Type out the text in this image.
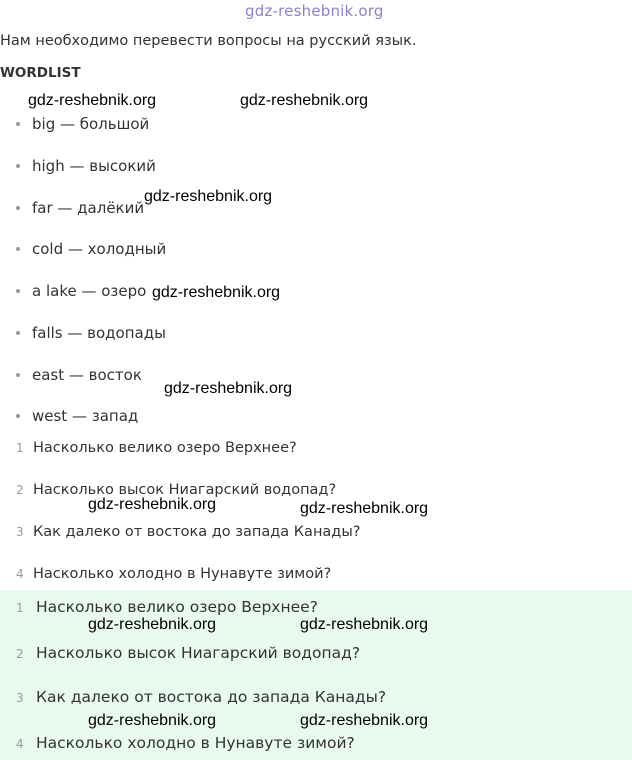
gdz-reshebnik.org
Нам необходимо перевести вопросы на русский язык.
WORDLIST
big — большой
high — высокий
far — далёкий
cold — холодный
a lake — озеро
falls — водопады
east — восток
west — запад
1 Насколько велико озеро Верхнее?
2 Насколько высок Ниагарский водопад?
3 Как далеко от востока до запада Канады?
4 Насколько холодно в Нунавуте зимой?
1 Насколько велико озеро Верхнее?
2 Насколько высок Ниагарский водопад?
3 Как далеко от востока до запада Канады?
4 Насколько холодно в Нунавуте зимой?
gdz-reshebnik.org	gdz-reshebnik.org
gdz-reshebnik.org
gdz-reshebnik.org
gdz-reshebnik.org
gdz-reshebnik.org	gdz-reshebnik.org
gdz-reshebnik.org	gdz-reshebnik.org
gdz-reshebnik.org	gdz-reshebnik.org
